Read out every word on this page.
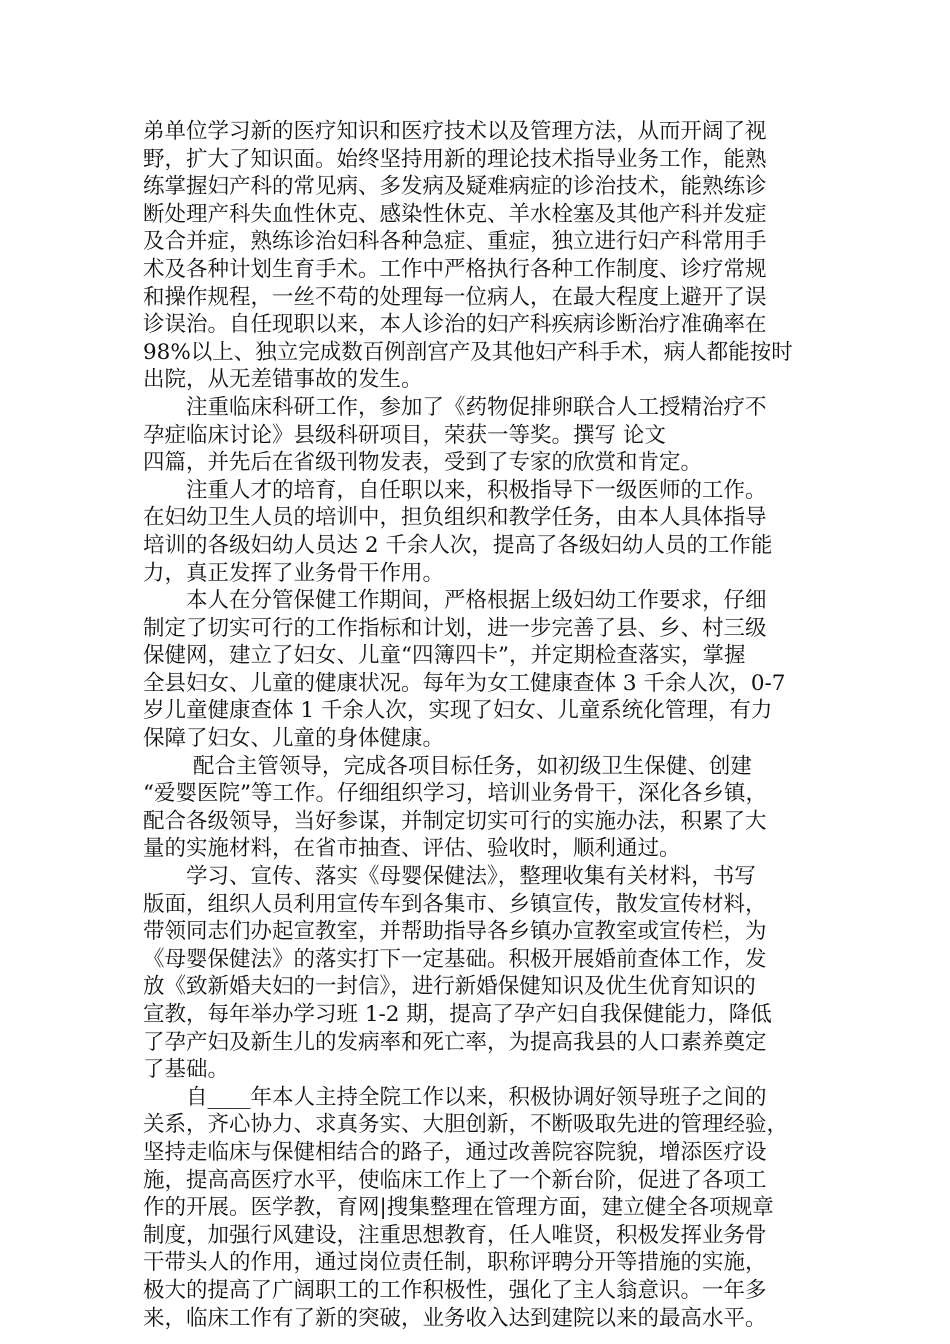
弟单位学习新的医疗知识和医疗技术以及管理方法，从而开阔了视
野，扩大了知识面。始终坚持用新的理论技术指导业务工作，能熟
练掌握妇产科的常见病、多发病及疑难病症的诊治技术，能熟练诊
断处理产科失血性休克、感染性休克、羊水栓塞及其他产科并发症
及合并症，熟练诊治妇科各种急症、重症，独立进行妇产科常用手
术及各种计划生育手术。工作中严格执行各种工作制度、诊疗常规
和操作规程，一丝不苟的处理每一位病人，在最大程度上避开了误
诊误治。自任现职以来，本人诊治的妇产科疾病诊断治疗准确率在
98%以上、独立完成数百例剖宫产及其他妇产科手术，病人都能按时
出院，从无差错事故的发生。
　　注重临床科研工作，参加了《药物促排卵联合人工授精治疗不
孕症临床讨论》县级科研项目，荣获一等奖。撰写 论文
四篇，并先后在省级刊物发表，受到了专家的欣赏和肯定。
　　注重人才的培育，自任职以来，积极指导下一级医师的工作。
在妇幼卫生人员的培训中，担负组织和教学任务，由本人具体指导
培训的各级妇幼人员达 2 千余人次，提高了各级妇幼人员的工作能
力，真正发挥了业务骨干作用。
　　本人在分管保健工作期间，严格根据上级妇幼工作要求，仔细
制定了切实可行的工作指标和计划，进一步完善了县、乡、村三级
保健网，建立了妇女、儿童“四簿四卡”，并定期检查落实，掌握
全县妇女、儿童的健康状况。每年为女工健康查体 3 千余人次，0-7
岁儿童健康查体 1 千余人次，实现了妇女、儿童系统化管理，有力
保障了妇女、儿童的身体健康。
　　 配合主管领导，完成各项目标任务，如初级卫生保健、创建
“爱婴医院”等工作。仔细组织学习，培训业务骨干，深化各乡镇，
配合各级领导，当好参谋，并制定切实可行的实施办法，积累了大
量的实施材料，在省市抽查、评估、验收时，顺利通过。
　　学习、宣传、落实《母婴保健法》，整理收集有关材料，书写
版面，组织人员利用宣传车到各集市、乡镇宣传，散发宣传材料，
带领同志们办起宣教室，并帮助指导各乡镇办宣教室或宣传栏，为
《母婴保健法》的落实打下一定基础。积极开展婚前查体工作，发
放《致新婚夫妇的一封信》，进行新婚保健知识及优生优育知识的
宣教，每年举办学习班 1-2 期，提高了孕产妇自我保健能力，降低
了孕产妇及新生儿的发病率和死亡率，为提高我县的人口素养奠定
了基础。
　　自____年本人主持全院工作以来，积极协调好领导班子之间的
关系，齐心协力、求真务实、大胆创新，不断吸取先进的管理经验，
坚持走临床与保健相结合的路子，通过改善院容院貌，增添医疗设
施，提高高医疗水平，使临床工作上了一个新台阶，促进了各项工
作的开展。医学教，育网|搜集整理在管理方面，建立健全各项规章
制度，加强行风建设，注重思想教育，任人唯贤，积极发挥业务骨
干带头人的作用，通过岗位责任制，职称评聘分开等措施的实施，
极大的提高了广阔职工的工作积极性，强化了主人翁意识。一年多
来，临床工作有了新的突破，业务收入达到建院以来的最高水平。
